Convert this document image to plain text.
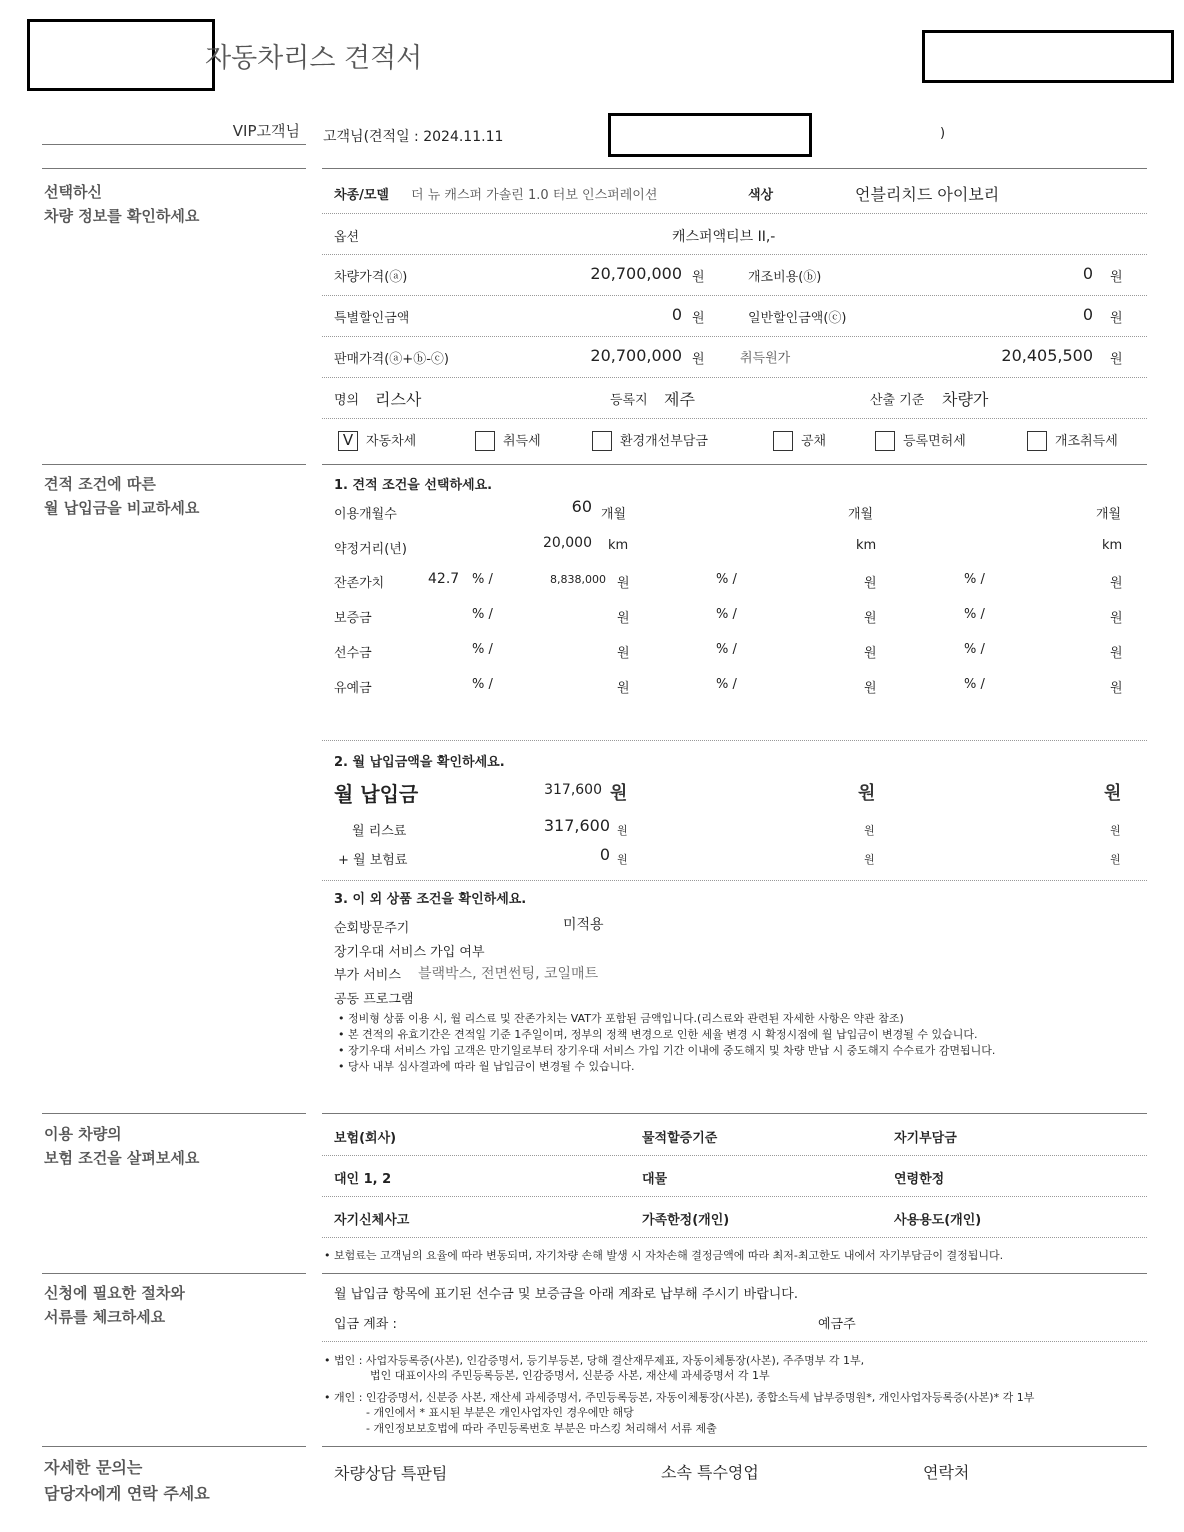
자동차리스 견적서
VIP고객님 고객님(견적일 : 2024.11.11	)
선택하신
차량 정보를 확인하세요
차종/모델 더 뉴 캐스퍼 가솔린 1.0 터보 인스퍼레이션	색상	언블리치드 아이보리
옵션	캐스퍼액티브 II,-
차량가격(ⓐ)	20,700,000 원	개조비용(ⓑ)	0 원
특별할인금액	0 원	일반할인금액(ⓒ)	0 원
판매가격(ⓐ+ⓑ-ⓒ)	20,700,000 원	취득원가	20,405,500 원
명의 리스사	등록지 제주	산출 기준 차량가
V 자동차세	취득세	환경개선부담금	공채	등록면허세	개조취득세
견적 조건에 따른
월 납입금을 비교하세요
1. 견적 조건을 선택하세요.
이용개월수	60 개월	개월	개월
약정거리(년)	20,000 km	km	km
잔존가치	42.7 % /	8,838,000 원	% /	원	% /	원
보증금	% /	원	% /	원	% /	원
선수금	% /	원	% /	원	% /	원
유예금	% /	원	% /	원	% /	원
2. 월 납입금액을 확인하세요.
월 납입금	317,600 원	원	원
월 리스료	317,600 원	원	원
+ 월 보험료	0 원	원	원
3. 이 외 상품 조건을 확인하세요.
순회방문주기	미적용
장기우대 서비스 가입 여부
부가 서비스 블랙박스, 전면썬팅, 코일매트
공동 프로그램
• 정비형 상품 이용 시, 월 리스료 및 잔존가치는 VAT가 포함된 금액입니다.(리스료와 관련된 자세한 사항은 약관 참조)
• 본 견적의 유효기간은 견적일 기준 1주일이며, 정부의 정책 변경으로 인한 세율 변경 시 확정시점에 월 납입금이 변경될 수 있습니다.
• 장기우대 서비스 가입 고객은 만기일로부터 장기우대 서비스 가입 기간 이내에 중도해지 및 차량 반납 시 중도해지 수수료가 감면됩니다.
• 당사 내부 심사결과에 따라 월 납입금이 변경될 수 있습니다.
이용 차량의
보험 조건을 살펴보세요
보험(회사)	물적할증기준	자기부담금
대인 1, 2	대물	연령한정
자기신체사고	가족한정(개인)	사용용도(개인)
• 보험료는 고객님의 요율에 따라 변동되며, 자기차량 손해 발생 시 자차손해 결정금액에 따라 최저-최고한도 내에서 자기부담금이 결정됩니다.
신청에 필요한 절차와
서류를 체크하세요
월 납입금 항목에 표기된 선수금 및 보증금을 아래 계좌로 납부해 주시기 바랍니다.
입금 계좌 :	예금주
• 법인 : 사업자등록증(사본), 인감증명서, 등기부등본, 당해 결산재무제표, 자동이체통장(사본), 주주명부 각 1부,
법인 대표이사의 주민등록등본, 인감증명서, 신분증 사본, 재산세 과세증명서 각 1부
• 개인 : 인감증명서, 신분증 사본, 재산세 과세증명서, 주민등록등본, 자동이체통장(사본), 종합소득세 납부증명원*, 개인사업자등록증(사본)* 각 1부
- 개인에서 * 표시된 부분은 개인사업자인 경우에만 해당
- 개인정보보호법에 따라 주민등록번호 부분은 마스킹 처리해서 서류 제출
자세한 문의는
담당자에게 연락 주세요
차량상담 특판팀	소속 특수영업	연락처
